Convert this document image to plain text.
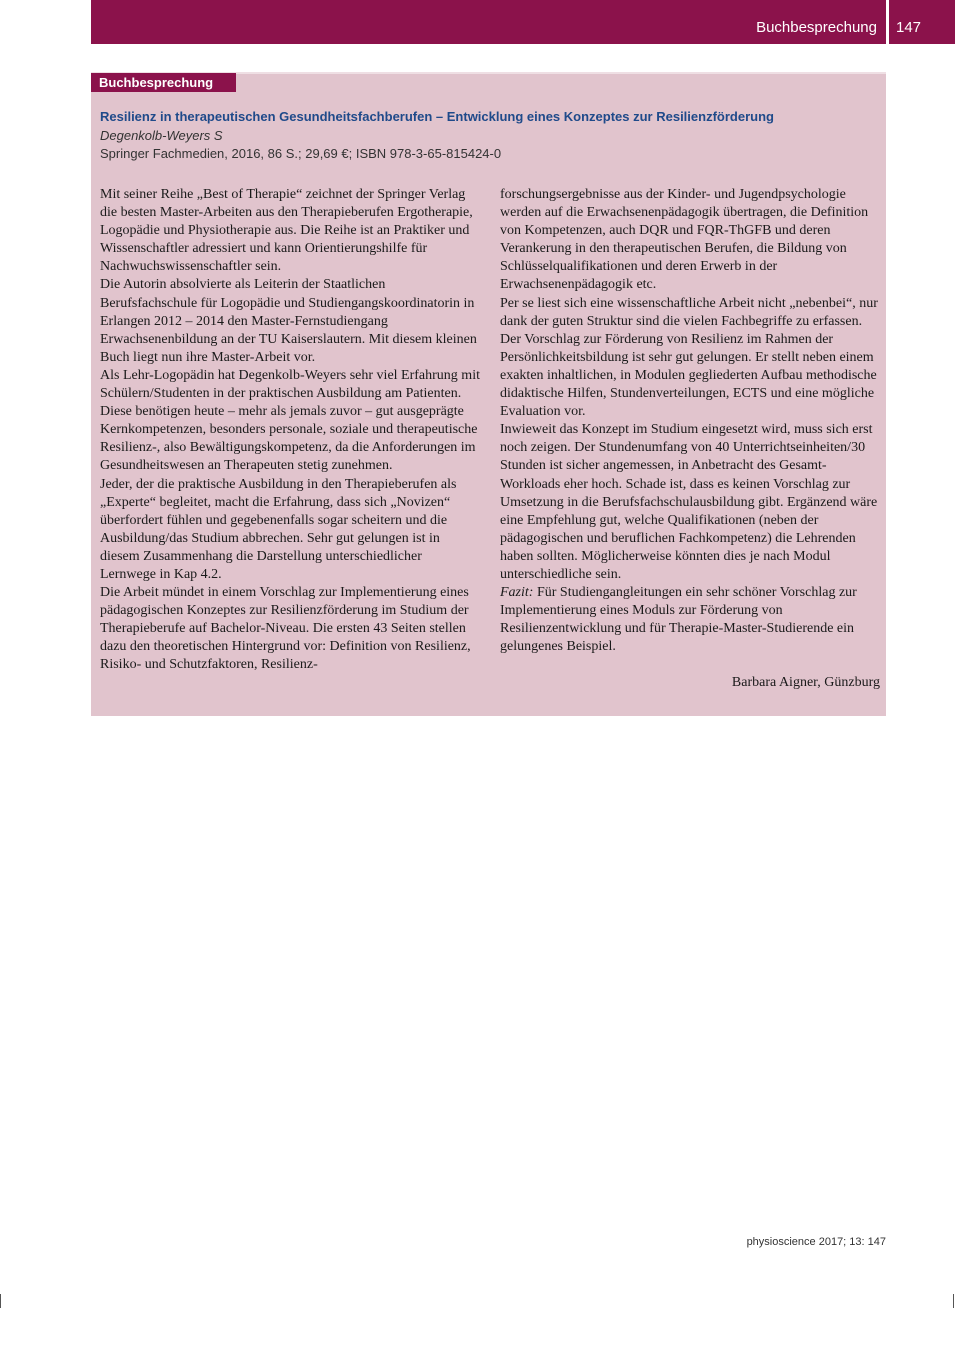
Buchbesprechung 147
Buchbesprechung
Resilienz in therapeutischen Gesundheitsfachberufen – Entwicklung eines Konzeptes zur Resilienzförderung
Degenkolb-Weyers S
Springer Fachmedien, 2016, 86 S.; 29,69 €; ISBN 978-3-65-815424-0

Mit seiner Reihe „Best of Therapie“ zeichnet der Springer Verlag die besten Master-Arbeiten aus den Therapieberufen Ergotherapie, Logopädie und Physiotherapie aus. Die Reihe ist an Praktiker und Wissenschaftler adressiert und kann Orientierungshilfe für Nachwuchswissenschaftler sein.

Die Autorin absolvierte als Leiterin der Staatlichen Berufsfachschule für Logopädie und Studiengangskoordinatorin in Erlangen 2012 – 2014 den Master-Fernstudiengang Erwachsenenbildung an der TU Kaiserslautern. Mit diesem kleinen Buch liegt nun ihre Master-Arbeit vor.

Als Lehr-Logopädin hat Degenkolb-Weyers sehr viel Erfahrung mit Schülern/Studenten in der praktischen Ausbildung am Patienten. Diese benötigen heute – mehr als jemals zuvor – gut ausgeprägte Kernkompetenzen, besonders personale, soziale und therapeutische Resilienz-, also Bewältigungskompetenz, da die Anforderungen im Gesundheitswesen an Therapeuten stetig zunehmen.

Jeder, der die praktische Ausbildung in den Therapieberufen als „Experte“ begleitet, macht die Erfahrung, dass sich „Novizen“ überfordert fühlen und gegebenenfalls sogar scheitern und die Ausbildung/das Studium abbrechen. Sehr gut gelungen ist in diesem Zusammenhang die Darstellung unterschiedlicher Lernwege in Kap 4.2.

Die Arbeit mündet in einem Vorschlag zur Implementierung eines pädagogischen Konzeptes zur Resilienzförderung im Studium der Therapieberufe auf Bachelor-Niveau. Die ersten 43 Seiten stellen dazu den theoretischen Hintergrund vor: Definition von Resilienz, Risiko- und Schutzfaktoren, Resilienz-

forschungsergebnisse aus der Kinder- und Jugendpsychologie werden auf die Erwachsenenpädagogik übertragen, die Definition von Kompetenzen, auch DQR und FQR-ThGFB und deren Verankerung in den therapeutischen Berufen, die Bildung von Schlüsselqualifikationen und deren Erwerb in der Erwachsenenpädagogik etc.

Per se liest sich eine wissenschaftliche Arbeit nicht „nebenbei“, nur dank der guten Struktur sind die vielen Fachbegriffe zu erfassen. Der Vorschlag zur Förderung von Resilienz im Rahmen der Persönlichkeitsbildung ist sehr gut gelungen. Er stellt neben einem exakten inhaltlichen, in Modulen gegliederten Aufbau methodische didaktische Hilfen, Stundenverteilungen, ECTS und eine mögliche Evaluation vor.

Inwieweit das Konzept im Studium eingesetzt wird, muss sich erst noch zeigen. Der Stundenumfang von 40 Unterrichtseinheiten/30 Stunden ist sicher angemessen, in Anbetracht des Gesamt-Workloads eher hoch. Schade ist, dass es keinen Vorschlag zur Umsetzung in die Berufsfachschulausbildung gibt. Ergänzend wäre eine Empfehlung gut, welche Qualifikationen (neben der pädagogischen und beruflichen Fachkompetenz) die Lehrenden haben sollten. Möglicherweise könnten dies je nach Modul unterschiedliche sein.

Fazit: Für Studiengangleitungen ein sehr schöner Vorschlag zur Implementierung eines Moduls zur Förderung von Resilienzentwicklung und für Therapie-Master-Studierende ein gelungenes Beispiel.

Barbara Aigner, Günzburg

physioscience 2017; 13: 147
